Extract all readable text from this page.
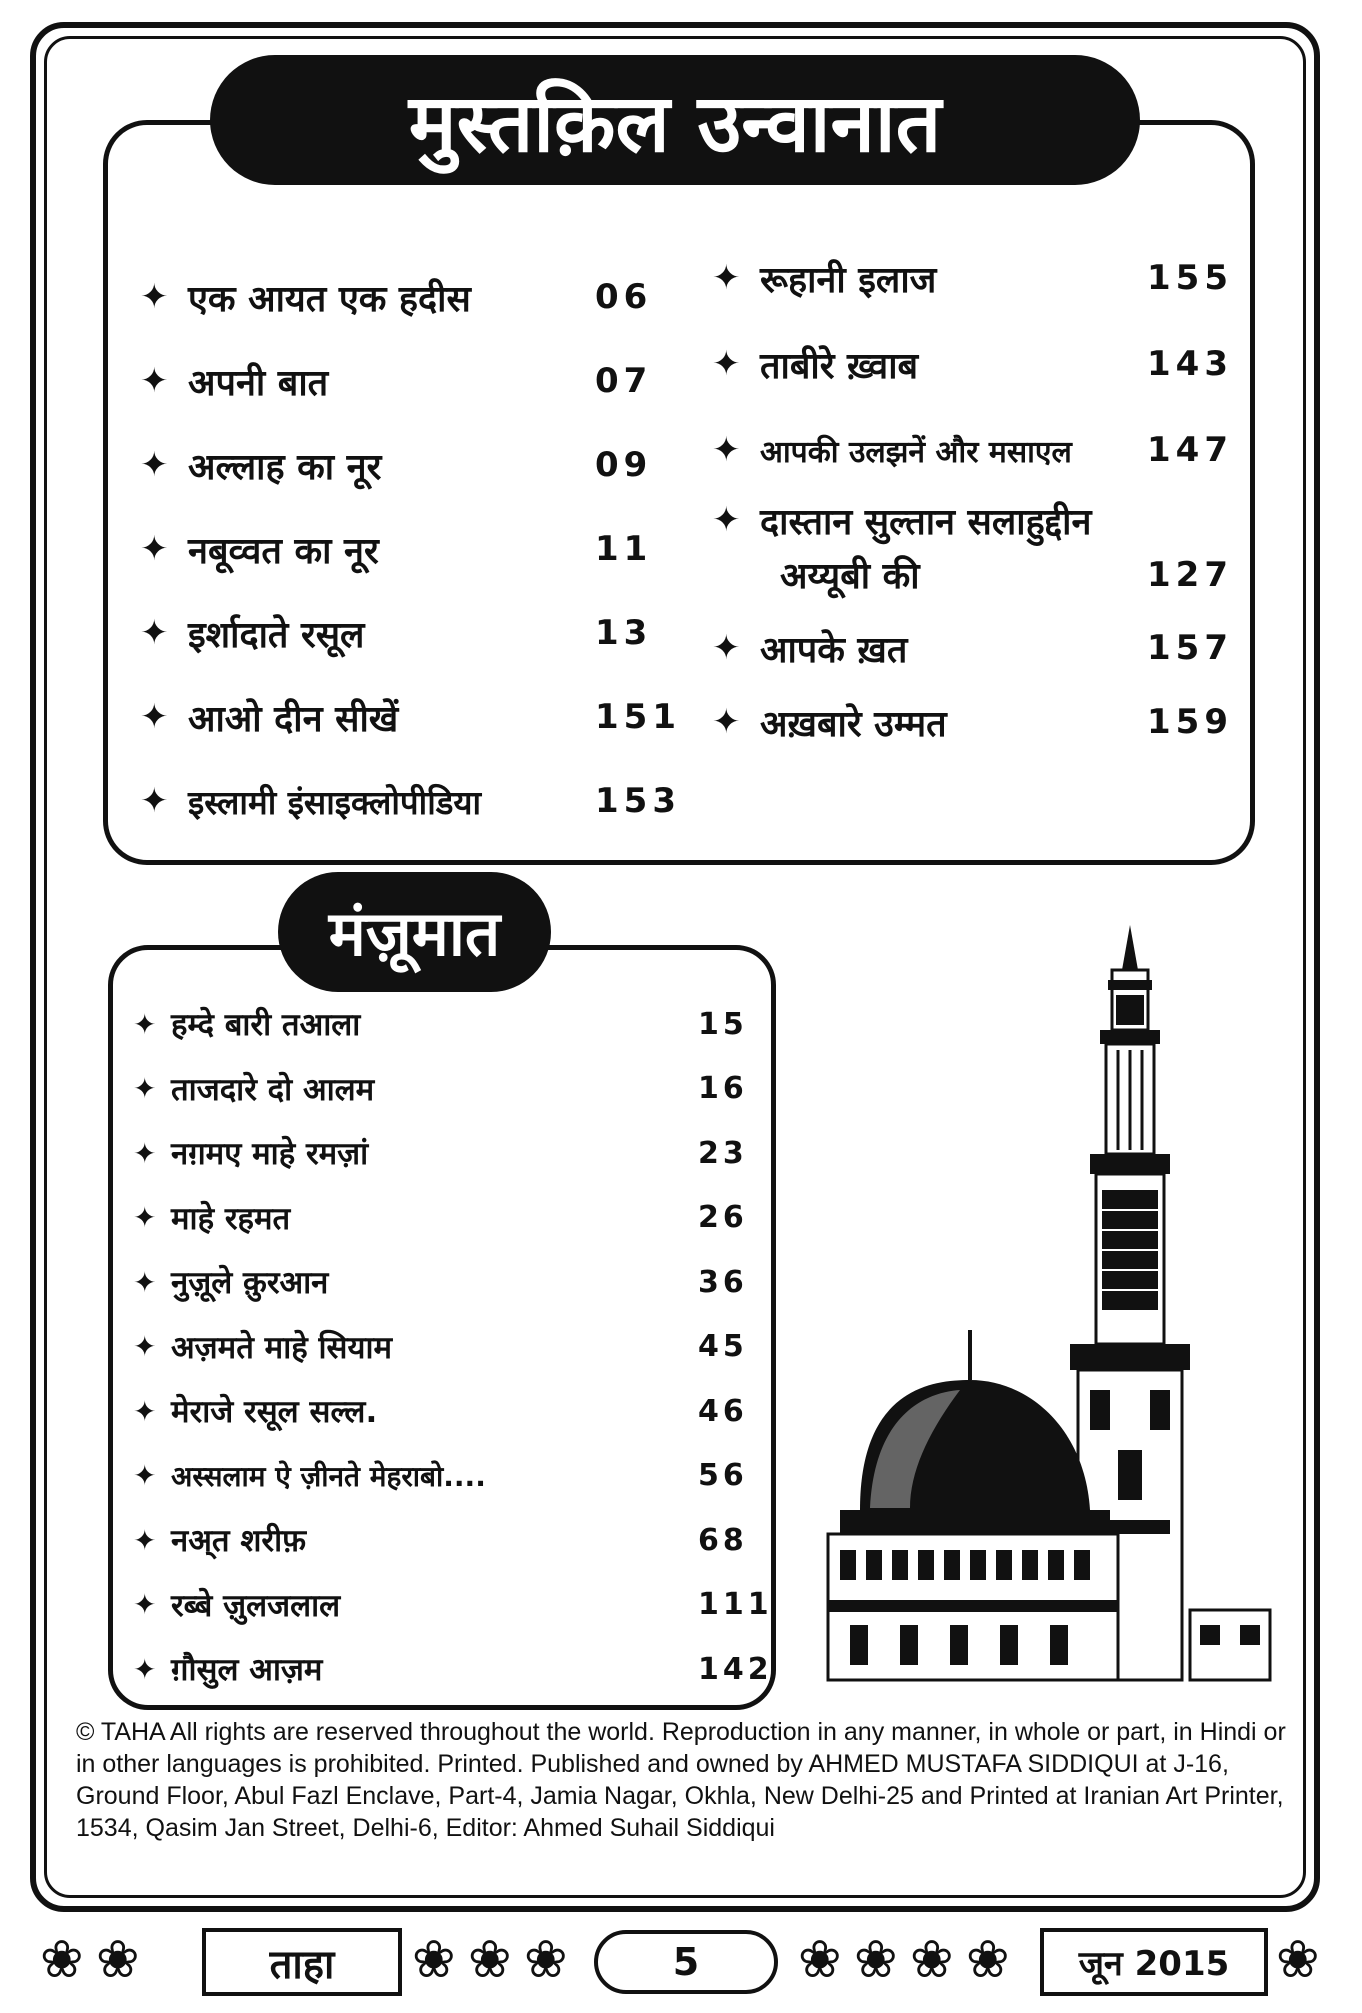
मुस्तक़िल उन्वानात
✦ एक आयत एक हदीस	06
✦ अपनी बात	07
✦ अल्लाह का नूर	09
✦ नबूव्वत का नूर	11
✦ इर्शादाते रसूल	13
✦ आओ दीन सीखें	151
✦ इस्लामी इंसाइक्लोपीडिया	153
✦ रूहानी इलाज	155
✦ ताबीरे ख़्वाब	143
✦ आपकी उलझनें और मसाएल 147
✦ दास्तान सुल्तान सलाहुद्दीन
अय्यूबी की	127
✦ आपके ख़त	157
✦ अख़बारे उम्मत	159
मंज़ूमात
✦ हम्दे बारी तआला	15
✦ ताजदारे दो आलम	16
✦ नग़मए माहे रमज़ां	23
✦ माहे रहमत	26
✦ नुज़ूले क़ुरआन	36
✦ अज़मते माहे सियाम	45
✦ मेराजे रसूल सल्ल.	46
✦ अस्सलाम ऐ ज़ीनते मेहराबो....	56
✦ नअ्त शरीफ़	68
✦ रब्बे ज़ुलजलाल	111
✦ ग़ौसुल आज़म	142
© TAHA All rights are reserved throughout the world. Reproduction in any manner, in whole or part, in Hindi or in other languages is prohibited. Printed. Published and owned by AHMED MUSTAFA SIDDIQUI at J-16, Ground Floor, Abul Fazl Enclave, Part-4, Jamia Nagar, Okhla, New Delhi-25 and Printed at Iranian Art Printer, 1534, Qasim Jan Street, Delhi-6, Editor: Ahmed Suhail Siddiqui
❀ ❀	ताहा ❀ ❀ ❀	5 ❀ ❀ ❀ ❀ जून 2015 ❀
